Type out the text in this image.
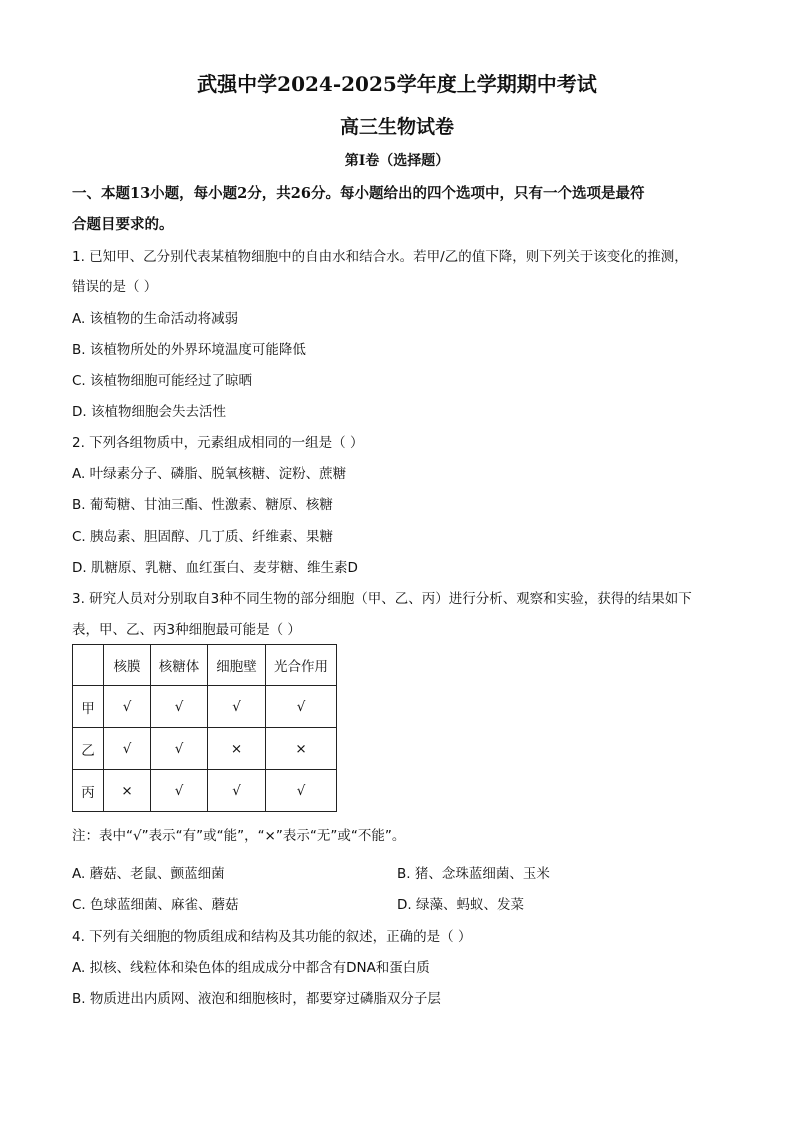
武强中学2024-2025学年度上学期期中考试
高三生物试卷
第I卷（选择题）
一、本题13小题，每小题2分，共26分。每小题给出的四个选项中，只有一个选项是最符
合题目要求的。
1. 已知甲、乙分别代表某植物细胞中的自由水和结合水。若甲/乙的值下降，则下列关于该变化的推测，
错误的是（ ）
A. 该植物的生命活动将减弱
B. 该植物所处的外界环境温度可能降低
C. 该植物细胞可能经过了晾晒
D. 该植物细胞会失去活性
2. 下列各组物质中，元素组成相同的一组是（ ）
A. 叶绿素分子、磷脂、脱氧核糖、淀粉、蔗糖
B. 葡萄糖、甘油三酯、性激素、糖原、核糖
C. 胰岛素、胆固醇、几丁质、纤维素、果糖
D. 肌糖原、乳糖、血红蛋白、麦芽糖、维生素D
3. 研究人员对分别取自3种不同生物的部分细胞（甲、乙、丙）进行分析、观察和实验，获得的结果如下
表，甲、乙、丙3种细胞最可能是（ ）
	核膜	核糖体	细胞壁	光合作用
甲	√	√	√	√
乙	√	√	×	×
丙	×	√	√	√
注：表中“√”表示“有”或“能”，“×”表示“无”或“不能”。
A. 蘑菇、老鼠、颤蓝细菌	B. 猪、念珠蓝细菌、玉米
C. 色球蓝细菌、麻雀、蘑菇	D. 绿藻、蚂蚁、发菜
4. 下列有关细胞的物质组成和结构及其功能的叙述，正确的是（ ）
A. 拟核、线粒体和染色体的组成成分中都含有DNA和蛋白质
B. 物质进出内质网、液泡和细胞核时，都要穿过磷脂双分子层
